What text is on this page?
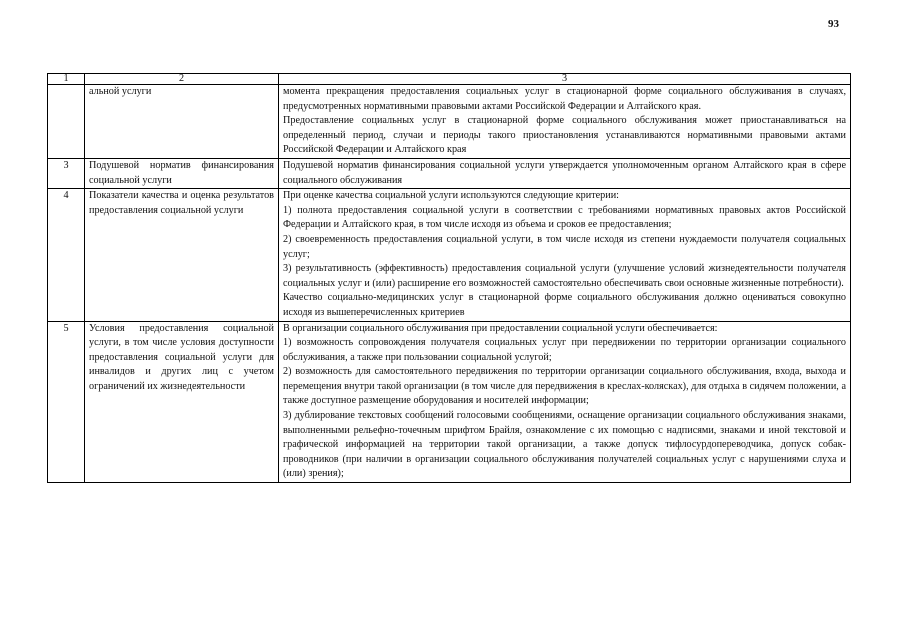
93
1	2	3
	альной услуги	момента прекращения предоставления социальных услуг в стационарной форме социального обслуживания в случаях, предусмотренных нормативными правовыми актами Российской Федерации и Алтайского края.
Предоставление социальных услуг в стационарной форме социального обслуживания может приостанавливаться на определенный период, случаи и периоды такого приостановления устанавливаются нормативными правовыми актами Российской Федерации и Алтайского края

3	Подушевой норматив финансирования социальной услуги	Подушевой норматив финансирования социальной услуги утверждается уполномоченным органом Алтайского края в сфере социального обслуживания

4	Показатели качества и оценка результатов предоставления социальной услуги	При оценке качества социальной услуги используются следующие критерии:
1) полнота предоставления социальной услуги в соответствии с требованиями нормативных правовых актов Российской Федерации и Алтайского края, в том числе исходя из объема и сроков ее предоставления;
2) своевременность предоставления социальной услуги, в том числе исходя из степени нуждаемости получателя социальных услуг;
3) результативность (эффективность) предоставления социальной услуги (улучшение условий жизнедеятельности получателя социальных услуг и (или) расширение его возможностей самостоятельно обеспечивать свои основные жизненные потребности).
Качество социально-медицинских услуг в стационарной форме социального обслуживания должно оцениваться совокупно исходя из вышеперечисленных критериев

5	Условия предоставления социальной услуги, в том числе условия доступности предоставления социальной услуги для инвалидов и других лиц с учетом ограничений их жизнедеятельности	В организации социального обслуживания при предоставлении социальной услуги обеспечивается:
1) возможность сопровождения получателя социальных услуг при передвижении по территории организации социального обслуживания, а также при пользовании социальной услугой;
2) возможность для самостоятельного передвижения по территории организации социального обслуживания, входа, выхода и перемещения внутри такой организации (в том числе для передвижения в креслах-колясках), для отдыха в сидячем положении, а также доступное размещение оборудования и носителей информации;
3) дублирование текстовых сообщений голосовыми сообщениями, оснащение организации социального обслуживания знаками, выполненными рельефно-точечным шрифтом Брайля, ознакомление с их помощью с надписями, знаками и иной текстовой и графической информацией на территории такой организации, а также допуск тифлосурдопереводчика, допуск собак-проводников (при наличии в организации социального обслуживания получателей социальных услуг с нарушениями слуха и (или) зрения);
